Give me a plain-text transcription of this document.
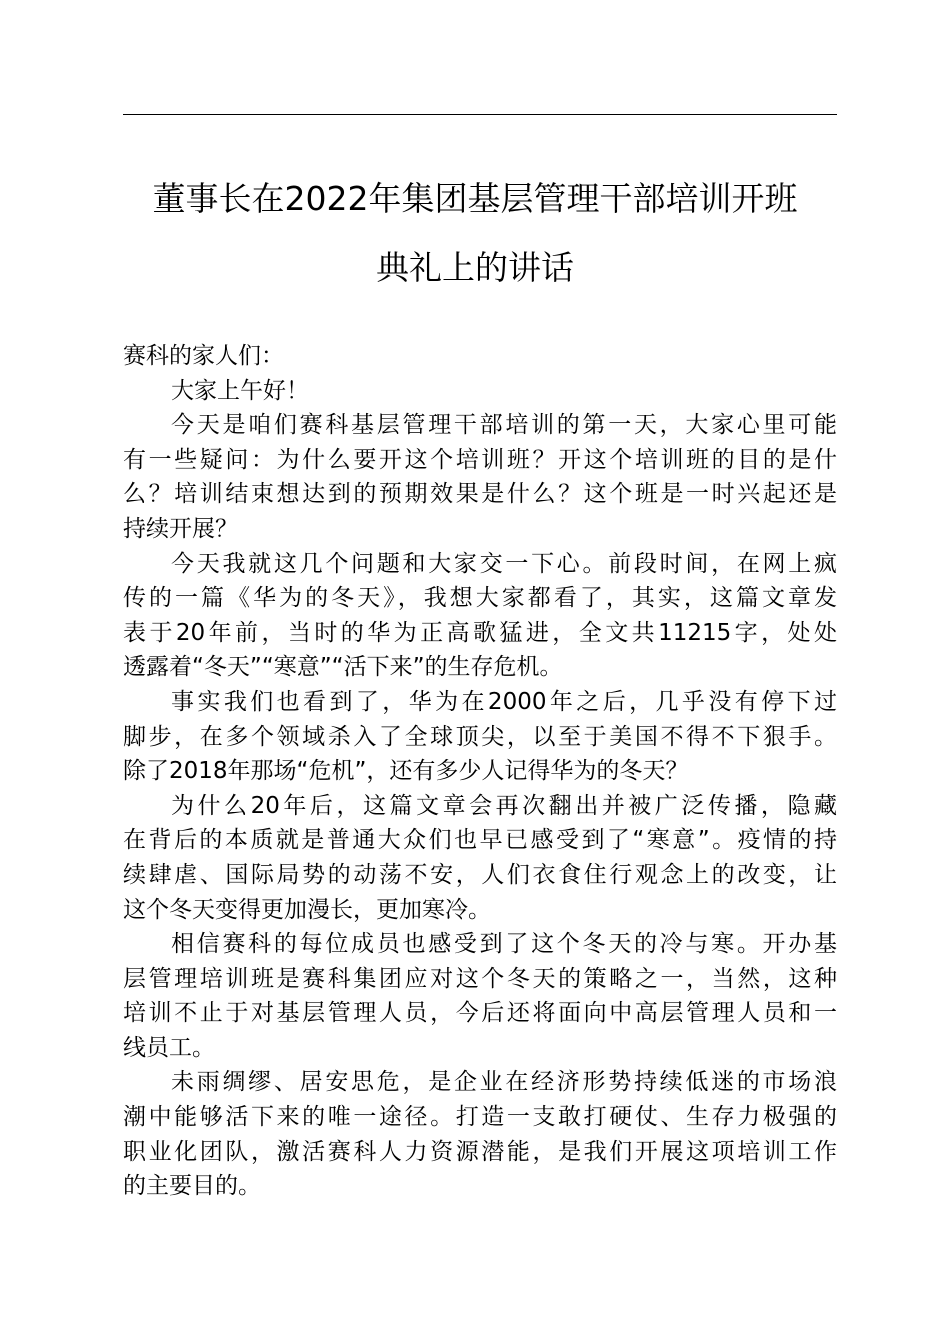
董事长在2022年集团基层管理干部培训开班
典礼上的讲话
赛科的家人们：
大家上午好！
今天是咱们赛科基层管理干部培训的第一天，大家心里可能
有一些疑问：为什么要开这个培训班？开这个培训班的目的是什
么？培训结束想达到的预期效果是什么？这个班是一时兴起还是
持续开展？
今天我就这几个问题和大家交一下心。前段时间，在网上疯
传的一篇《华为的冬天》，我想大家都看了，其实，这篇文章发
表于20年前，当时的华为正高歌猛进，全文共11215字，处处
透露着“冬天”“寒意”“活下来”的生存危机。
事实我们也看到了，华为在2000年之后，几乎没有停下过
脚步，在多个领域杀入了全球顶尖，以至于美国不得不下狠手。
除了2018年那场“危机”，还有多少人记得华为的冬天？
为什么20年后，这篇文章会再次翻出并被广泛传播，隐藏
在背后的本质就是普通大众们也早已感受到了“寒意”。疫情的持
续肆虐、国际局势的动荡不安，人们衣食住行观念上的改变，让
这个冬天变得更加漫长，更加寒冷。
相信赛科的每位成员也感受到了这个冬天的冷与寒。开办基
层管理培训班是赛科集团应对这个冬天的策略之一，当然，这种
培训不止于对基层管理人员，今后还将面向中高层管理人员和一
线员工。
未雨绸缪、居安思危，是企业在经济形势持续低迷的市场浪
潮中能够活下来的唯一途径。打造一支敢打硬仗、生存力极强的
职业化团队，激活赛科人力资源潜能，是我们开展这项培训工作
的主要目的。
